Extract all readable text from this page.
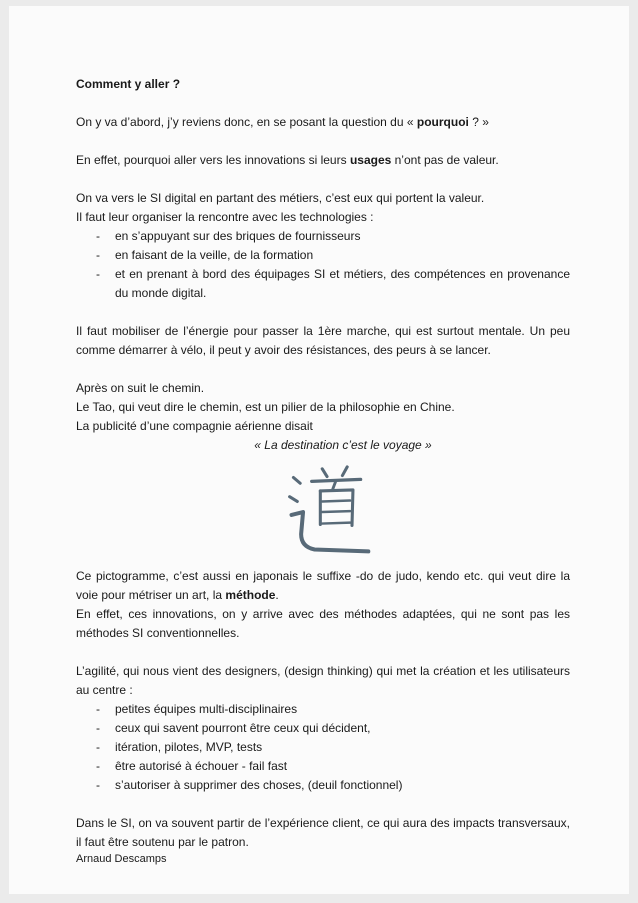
Comment y aller ?

On y va d’abord, j’y reviens donc, en se posant la question du « pourquoi ? »

En effet, pourquoi aller vers les innovations si leurs usages n’ont pas de valeur.

On va vers le SI digital en partant des métiers, c’est eux qui portent la valeur.

Il faut leur organiser la rencontre avec les technologies :

- en s’appuyant sur des briques de fournisseurs
- en faisant de la veille, de la formation
- et en prenant à bord des équipages SI et métiers, des compétences en provenance du monde digital.

Il faut mobiliser de l’énergie pour passer la 1ère marche, qui est surtout mentale. Un peu comme démarrer à vélo, il peut y avoir des résistances, des peurs à se lancer.

Après on suit le chemin.

Le Tao, qui veut dire le chemin, est un pilier de la philosophie en Chine.

La publicité d’une compagnie aérienne disait

« La destination c’est le voyage »

Ce pictogramme, c’est aussi en japonais le suffixe -do de judo, kendo etc. qui veut dire la voie pour métriser un art, la méthode.

En effet, ces innovations, on y arrive avec des méthodes adaptées, qui ne sont pas les méthodes SI conventionnelles.

L’agilité, qui nous vient des designers, (design thinking) qui met la création et les utilisateurs au centre :

- petites équipes multi-disciplinaires
- ceux qui savent pourront être ceux qui décident,
- itération, pilotes, MVP, tests
- être autorisé à échouer - fail fast
- s’autoriser à supprimer des choses, (deuil fonctionnel)

Dans le SI, on va souvent partir de l’expérience client, ce qui aura des impacts transversaux, il faut être soutenu par le patron.

Arnaud Descamps
